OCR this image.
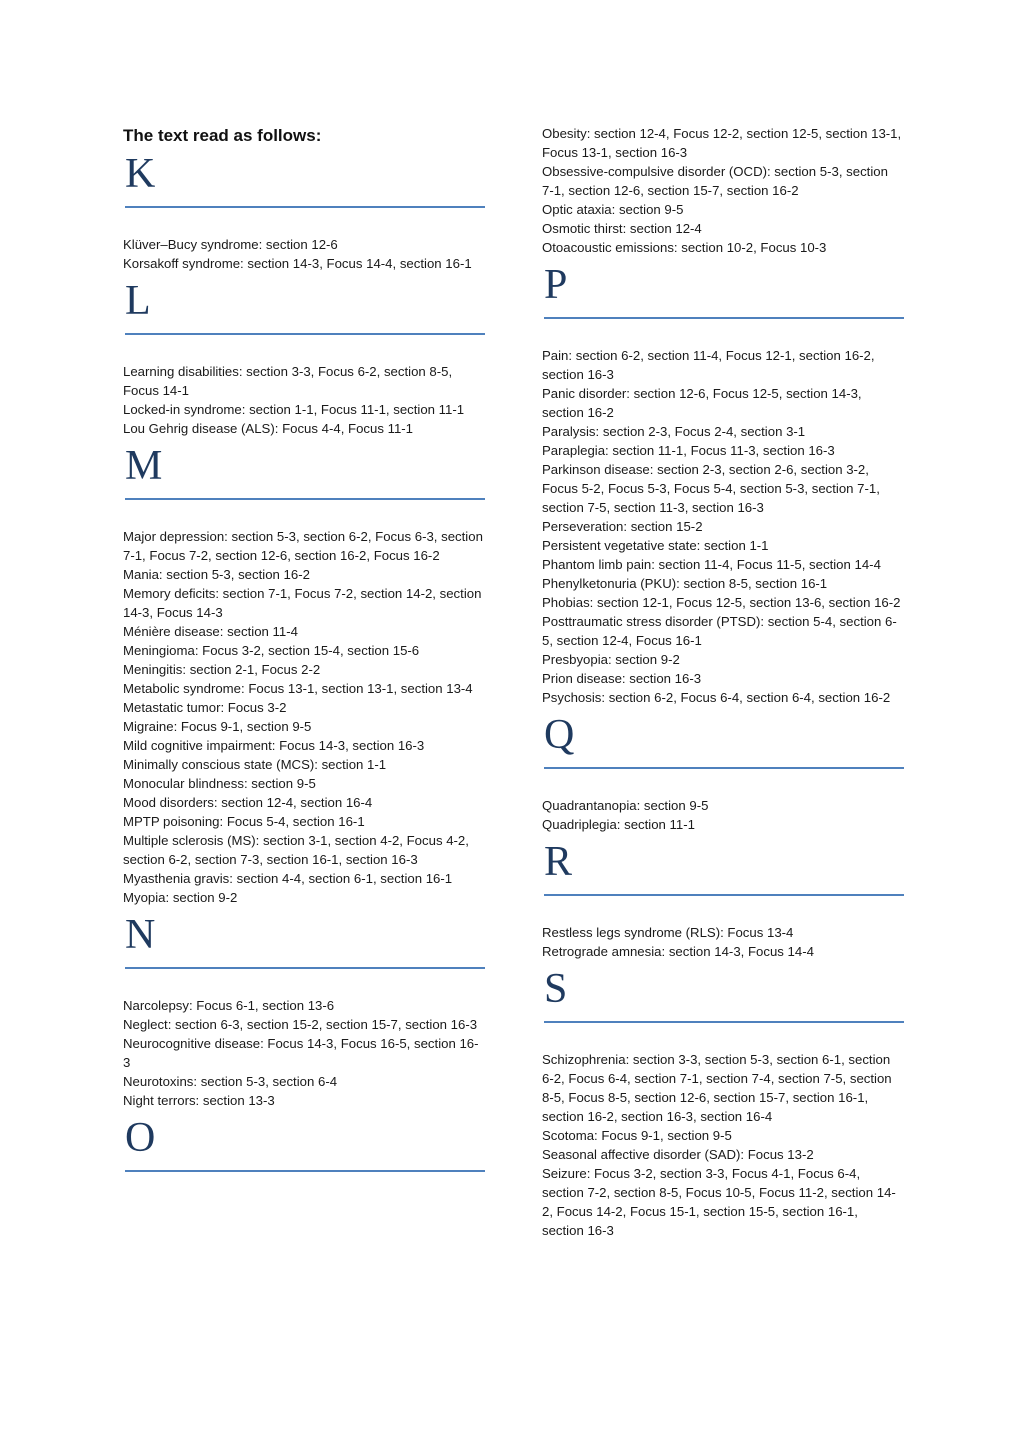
The text read as follows:
K

Klüver–Bucy syndrome: section 12-6

Korsakoff syndrome: section 14-3, Focus 14-4, section 16-1

L

Learning disabilities: section 3-3, Focus 6-2, section 8-5, Focus 14-1

Locked-in syndrome: section 1-1, Focus 11-1, section 11-1

Lou Gehrig disease (ALS): Focus 4-4, Focus 11-1

M

Major depression: section 5-3, section 6-2, Focus 6-3, section 7-1, Focus 7-2, section 12-6, section 16-2, Focus 16-2

Mania: section 5-3, section 16-2

Memory deficits: section 7-1, Focus 7-2, section 14-2, section 14-3, Focus 14-3

Ménière disease: section 11-4

Meningioma: Focus 3-2, section 15-4, section 15-6

Meningitis: section 2-1, Focus 2-2

Metabolic syndrome: Focus 13-1, section 13-1, section 13-4

Metastatic tumor: Focus 3-2

Migraine: Focus 9-1, section 9-5

Mild cognitive impairment: Focus 14-3, section 16-3

Minimally conscious state (MCS): section 1-1

Monocular blindness: section 9-5

Mood disorders: section 12-4, section 16-4

MPTP poisoning: Focus 5-4, section 16-1

Multiple sclerosis (MS): section 3-1, section 4-2, Focus 4-2, section 6-2, section 7-3, section 16-1, section 16-3

Myasthenia gravis: section 4-4, section 6-1, section 16-1

Myopia: section 9-2

N

Narcolepsy: Focus 6-1, section 13-6

Neglect: section 6-3, section 15-2, section 15-7, section 16-3

Neurocognitive disease: Focus 14-3, Focus 16-5, section 16-3

Neurotoxins: section 5-3, section 6-4

Night terrors: section 13-3

O

Obesity: section 12-4, Focus 12-2, section 12-5, section 13-1, Focus 13-1, section 16-3

Obsessive-compulsive disorder (OCD): section 5-3, section 7-1, section 12-6, section 15-7, section 16-2

Optic ataxia: section 9-5

Osmotic thirst: section 12-4

Otoacoustic emissions: section 10-2, Focus 10-3

P

Pain: section 6-2, section 11-4, Focus 12-1, section 16-2, section 16-3

Panic disorder: section 12-6, Focus 12-5, section 14-3, section 16-2

Paralysis: section 2-3, Focus 2-4, section 3-1

Paraplegia: section 11-1, Focus 11-3, section 16-3

Parkinson disease: section 2-3, section 2-6, section 3-2, Focus 5-2, Focus 5-3, Focus 5-4, section 5-3, section 7-1, section 7-5, section 11-3, section 16-3

Perseveration: section 15-2

Persistent vegetative state: section 1-1

Phantom limb pain: section 11-4, Focus 11-5, section 14-4

Phenylketonuria (PKU): section 8-5, section 16-1

Phobias: section 12-1, Focus 12-5, section 13-6, section 16-2

Posttraumatic stress disorder (PTSD): section 5-4, section 6-5, section 12-4, Focus 16-1

Presbyopia: section 9-2

Prion disease: section 16-3

Psychosis: section 6-2, Focus 6-4, section 6-4, section 16-2

Q

Quadrantanopia: section 9-5

Quadriplegia: section 11-1

R

Restless legs syndrome (RLS): Focus 13-4

Retrograde amnesia: section 14-3, Focus 14-4

S

Schizophrenia: section 3-3, section 5-3, section 6-1, section 6-2, Focus 6-4, section 7-1, section 7-4, section 7-5, section 8-5, Focus 8-5, section 12-6, section 15-7, section 16-1, section 16-2, section 16-3, section 16-4

Scotoma: Focus 9-1, section 9-5

Seasonal affective disorder (SAD): Focus 13-2

Seizure: Focus 3-2, section 3-3, Focus 4-1, Focus 6-4, section 7-2, section 8-5, Focus 10-5, Focus 11-2, section 14-2, Focus 14-2, Focus 15-1, section 15-5, section 16-1, section 16-3
